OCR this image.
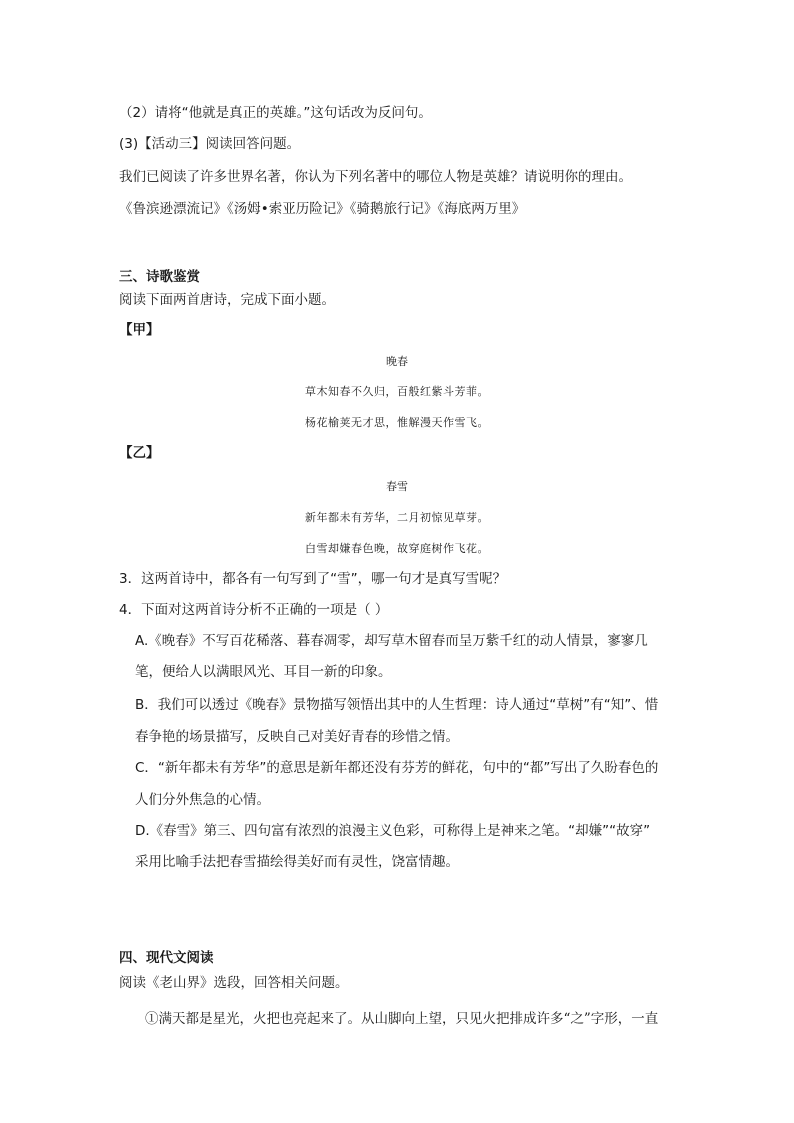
（2）请将“他就是真正的英雄。”这句话改为反问句。
(3)【活动三】阅读回答问题。
我们已阅读了许多世界名著，你认为下列名著中的哪位人物是英雄？请说明你的理由。
《鲁滨逊漂流记》《汤姆•索亚历险记》《骑鹅旅行记》《海底两万里》
三、诗歌鉴赏
阅读下面两首唐诗，完成下面小题。
【甲】
晚春
草木知春不久归，百般红紫斗芳菲。
杨花榆荚无才思，惟解漫天作雪飞。
【乙】
春雪
新年都未有芳华，二月初惊见草芽。
白雪却嫌春色晚，故穿庭树作飞花。
3．这两首诗中，都各有一句写到了“雪”，哪一句才是真写雪呢？
4．下面对这两首诗分析不正确的一项是（ ）
A.《晚春》不写百花稀落、暮春凋零，却写草木留春而呈万紫千红的动人情景，寥寥几
笔，便给人以满眼风光、耳目一新的印象。
B．我们可以透过《晚春》景物描写领悟出其中的人生哲理：诗人通过“草树”有“知”、惜
春争艳的场景描写，反映自己对美好青春的珍惜之情。
C．“新年都未有芳华”的意思是新年都还没有芬芳的鲜花，句中的“都”写出了久盼春色的
人们分外焦急的心情。
D.《春雪》第三、四句富有浓烈的浪漫主义色彩，可称得上是神来之笔。“却嫌”“故穿”
采用比喻手法把春雪描绘得美好而有灵性，饶富情趣。
四、现代文阅读
阅读《老山界》选段，回答相关问题。
①满天都是星光，火把也亮起来了。从山脚向上望，只见火把排成许多“之”字形，一直
